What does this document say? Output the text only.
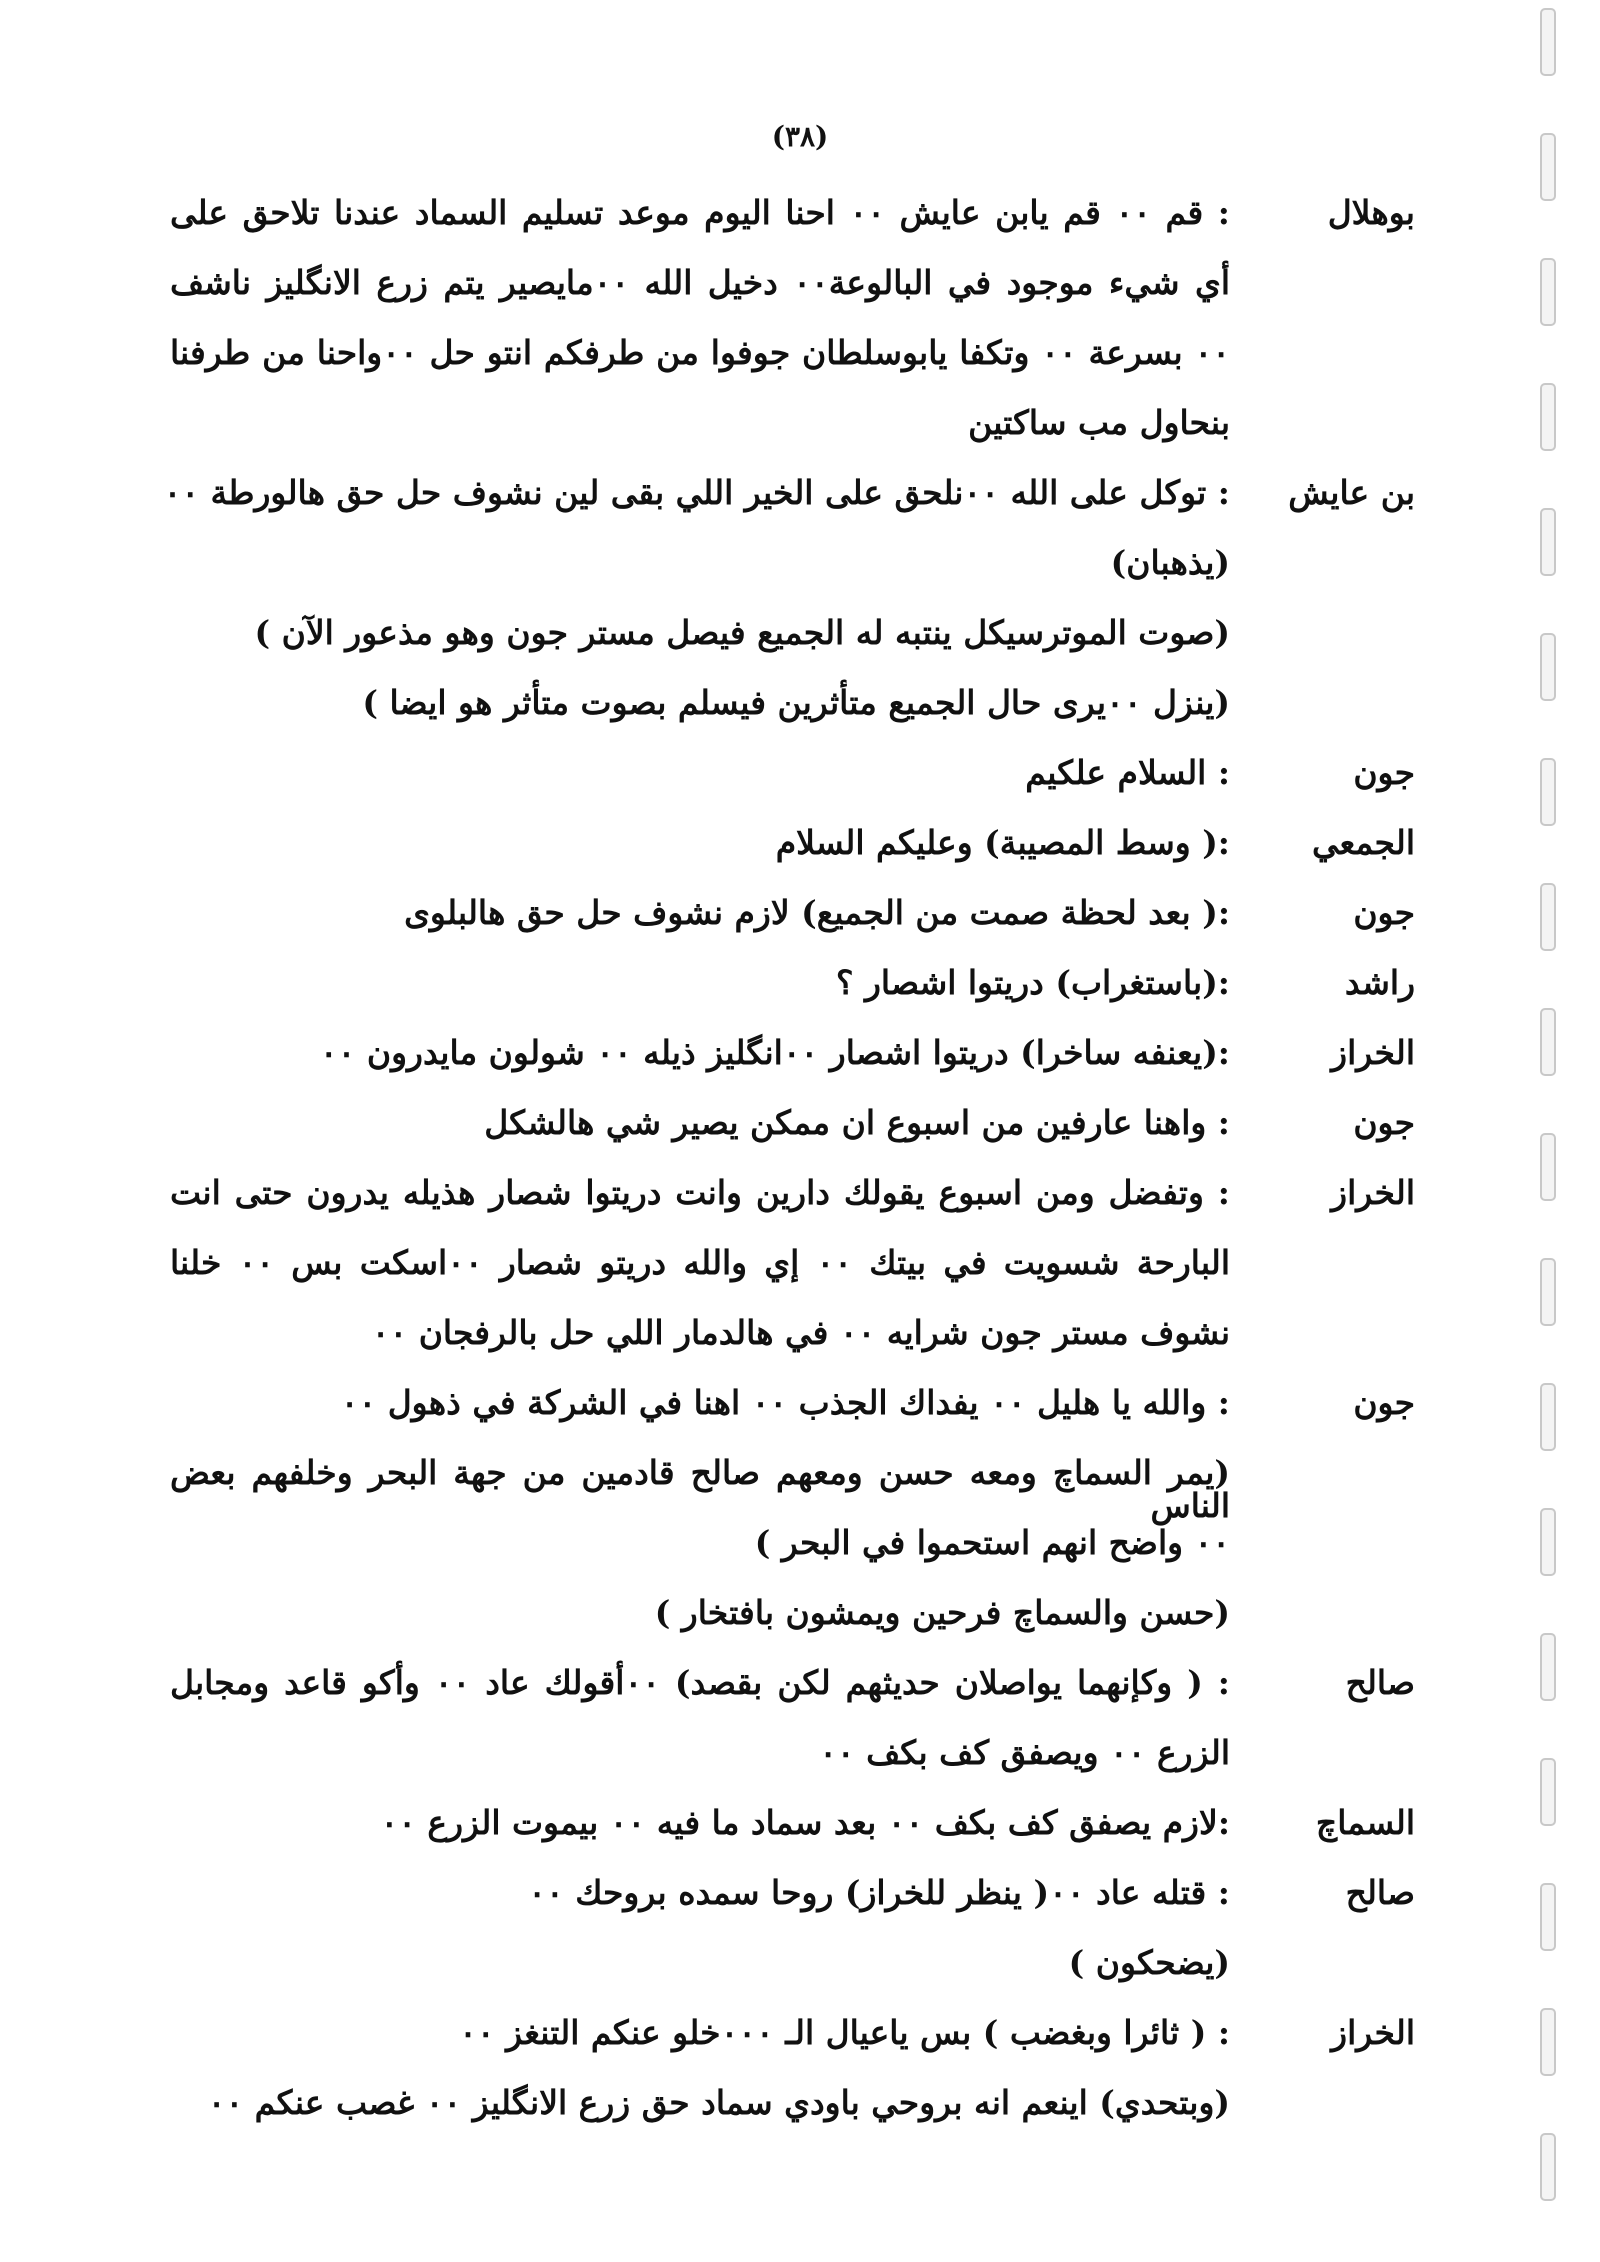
(٣٨)
بوهلال
: قم ٠٠ قم يابن عايش ٠٠ احنا اليوم موعد تسليم السماد عندنا تلاحق على
أي شيء موجود في البالوعة٠٠ دخيل الله ٠٠مايصير يتم زرع الانگليز ناشف
٠٠ بسرعة ٠٠ وتكفا يابوسلطان جوفوا من طرفكم انتو حل ٠٠واحنا من طرفنا
بنحاول مب ساكتين
بن عايش
: توكل على الله ٠٠نلحق على الخير اللي بقى لين نشوف حل حق هالورطة ٠٠
(يذهبان)
(صوت الموترسيكل ينتبه له الجميع فيصل مستر جون وهو مذعور الآن )
(ينزل ٠٠يرى حال الجميع متأثرين فيسلم بصوت متأثر هو ايضا )
جون
: السلام علكيم
الجمعي
:( وسط المصيبة) وعليكم السلام
جون
:( بعد لحظة صمت من الجميع) لازم نشوف حل حق هالبلوى
راشد
:(باستغراب) دريتوا اشصار ؟
الخراز
:(يعنفه ساخرا) دريتوا اشصار ٠٠انگليز ذيله ٠٠ شولون مايدرون ٠٠
جون
: واهنا عارفين من اسبوع ان ممكن يصير شي هالشكل
الخراز
: وتفضل ومن اسبوع يقولك دارين وانت دريتوا شصار هذيله يدرون حتى انت
البارحة شسويت في بيتك ٠٠ إي والله دريتو شصار ٠٠اسكت بس ٠٠ خلنا
نشوف مستر جون شرايه ٠٠ في هالدمار اللي حل بالرفجان ٠٠
جون
: والله يا هليل ٠٠ يفداك الجذب ٠٠ اهنا في الشركة في ذهول ٠٠
(يمر السماچ ومعه حسن ومعهم صالح قادمين من جهة البحر وخلفهم بعض الناس
٠٠ واضح انهم استحموا في البحر )
(حسن والسماچ فرحين ويمشون بافتخار )
صالح
: ( وكإنهما يواصلان حديثهم لكن بقصد) ٠٠أقولك عاد ٠٠ وأكو قاعد ومجابل
الزرع ٠٠ ويصفق كف بكف ٠٠
السماچ
:لازم يصفق كف بكف ٠٠ بعد سماد ما فيه ٠٠ بيموت الزرع ٠٠
صالح
: قتله عاد ٠٠( ينظر للخراز) روحا سمده بروحك ٠٠
(يضحكون )
الخراز
: ( ثائرا وبغضب ) بس ياعيال الـ ٠٠٠خلو عنكم التنغز ٠٠
(وبتحدي) اينعم انه بروحي باودي سماد حق زرع الانگليز ٠٠ غصب عنكم ٠٠
